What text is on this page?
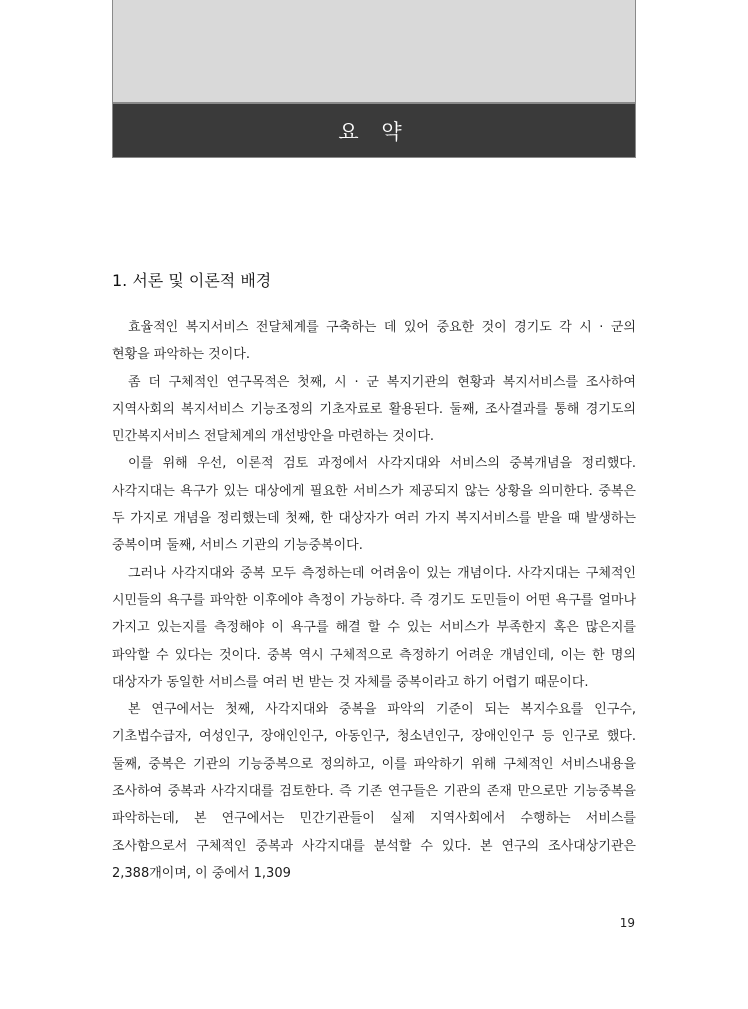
요 약
1. 서론 및 이론적 배경

효율적인 복지서비스 전달체계를 구축하는 데 있어 중요한 것이 경기도 각 시 · 군의 현황을 파악하는 것이다.

좀 더 구체적인 연구목적은 첫째, 시 · 군 복지기관의 현황과 복지서비스를 조사하여 지역사회의 복지서비스 기능조정의 기초자료로 활용된다. 둘째, 조사결과를 통해 경기도의 민간복지서비스 전달체계의 개선방안을 마련하는 것이다.

이를 위해 우선, 이론적 검토 과정에서 사각지대와 서비스의 중복개념을 정리했다. 사각지대는 욕구가 있는 대상에게 필요한 서비스가 제공되지 않는 상황을 의미한다. 중복은 두 가지로 개념을 정리했는데 첫째, 한 대상자가 여러 가지 복지서비스를 받을 때 발생하는 중복이며 둘째, 서비스 기관의 기능중복이다.

그러나 사각지대와 중복 모두 측정하는데 어려움이 있는 개념이다. 사각지대는 구체적인 시민들의 욕구를 파악한 이후에야 측정이 가능하다. 즉 경기도 도민들이 어떤 욕구를 얼마나 가지고 있는지를 측정해야 이 욕구를 해결 할 수 있는 서비스가 부족한지 혹은 많은지를 파악할 수 있다는 것이다. 중복 역시 구체적으로 측정하기 어려운 개념인데, 이는 한 명의 대상자가 동일한 서비스를 여러 번 받는 것 자체를 중복이라고 하기 어렵기 때문이다.

본 연구에서는 첫째, 사각지대와 중복을 파악의 기준이 되는 복지수요를 인구수, 기초법수급자, 여성인구, 장애인인구, 아동인구, 청소년인구, 장애인인구 등 인구로 했다. 둘째, 중복은 기관의 기능중복으로 정의하고, 이를 파악하기 위해 구체적인 서비스내용을 조사하여 중복과 사각지대를 검토한다. 즉 기존 연구들은 기관의 존재 만으로만 기능중복을 파악하는데, 본 연구에서는 민간기관들이 실제 지역사회에서 수행하는 서비스를 조사함으로서 구체적인 중복과 사각지대를 분석할 수 있다. 본 연구의 조사대상기관은 2,388개이며, 이 중에서 1,309

19
